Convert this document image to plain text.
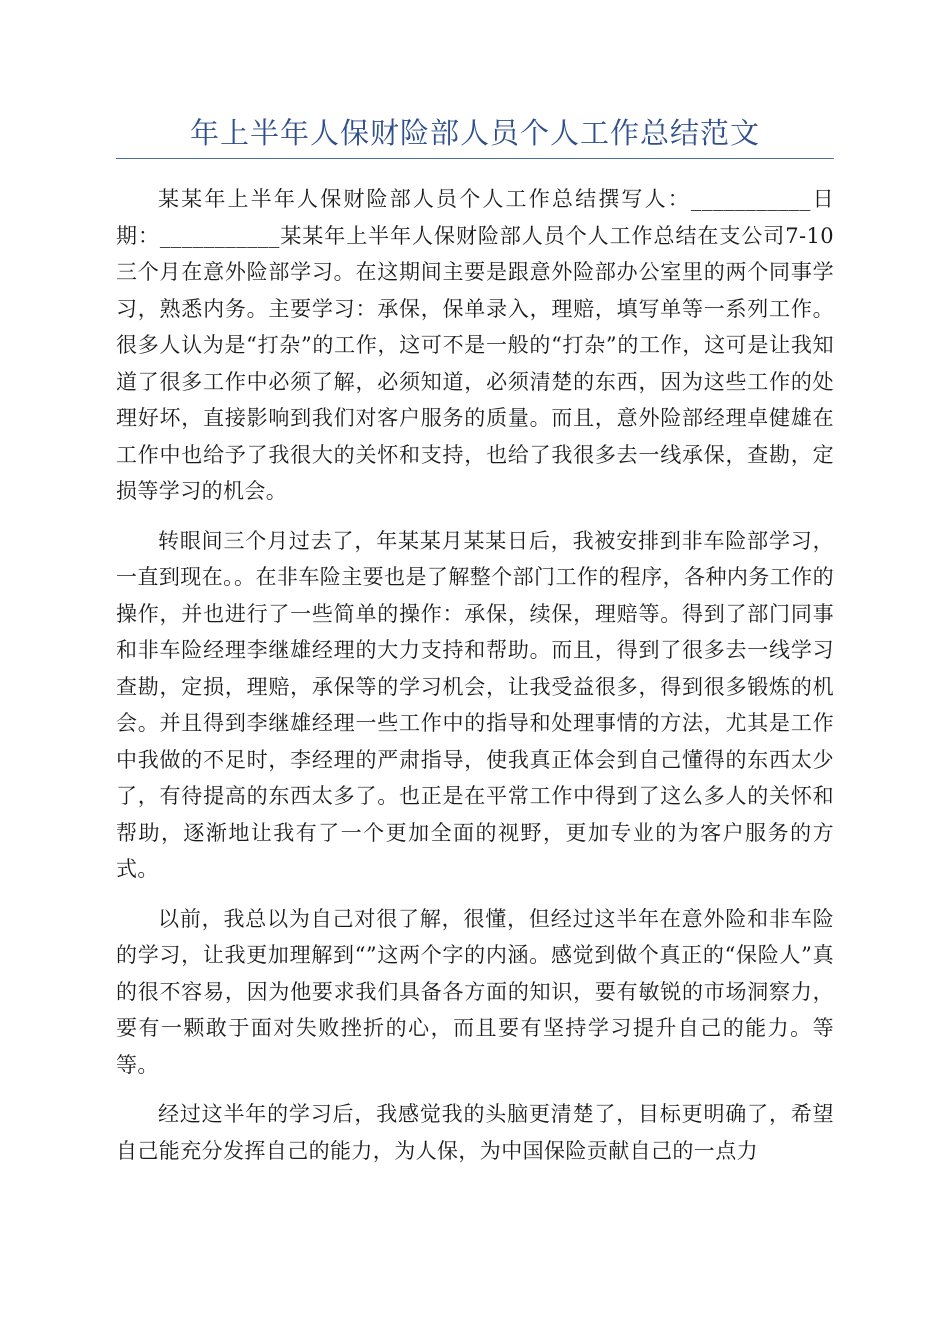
年上半年人保财险部人员个人工作总结范文

某某年上半年人保财险部人员个人工作总结撰写人：___________日期：___________某某年上半年人保财险部人员个人工作总结在支公司7-10三个月在意外险部学习。在这期间主要是跟意外险部办公室里的两个同事学习，熟悉内务。主要学习：承保，保单录入，理赔，填写单等一系列工作。很多人认为是“打杂”的工作，这可不是一般的“打杂”的工作，这可是让我知道了很多工作中必须了解，必须知道，必须清楚的东西，因为这些工作的处理好坏，直接影响到我们对客户服务的质量。而且，意外险部经理卓健雄在工作中也给予了我很大的关怀和支持，也给了我很多去一线承保，查勘，定损等学习的机会。

转眼间三个月过去了，年某某月某某日后，我被安排到非车险部学习，一直到现在。。在非车险主要也是了解整个部门工作的程序，各种内务工作的操作，并也进行了一些简单的操作：承保，续保，理赔等。得到了部门同事和非车险经理李继雄经理的大力支持和帮助。而且，得到了很多去一线学习查勘，定损，理赔，承保等的学习机会，让我受益很多，得到很多锻炼的机会。并且得到李继雄经理一些工作中的指导和处理事情的方法，尤其是工作中我做的不足时，李经理的严肃指导，使我真正体会到自己懂得的东西太少了，有待提高的东西太多了。也正是在平常工作中得到了这么多人的关怀和帮助，逐渐地让我有了一个更加全面的视野，更加专业的为客户服务的方式。

以前，我总以为自己对很了解，很懂，但经过这半年在意外险和非车险的学习，让我更加理解到“”这两个字的内涵。感觉到做个真正的“保险人”真的很不容易，因为他要求我们具备各方面的知识，要有敏锐的市场洞察力，要有一颗敢于面对失败挫折的心，而且要有坚持学习提升自己的能力。等等。

经过这半年的学习后，我感觉我的头脑更清楚了，目标更明确了，希望自己能充分发挥自己的能力，为人保，为中国保险贡献自己的一点力
